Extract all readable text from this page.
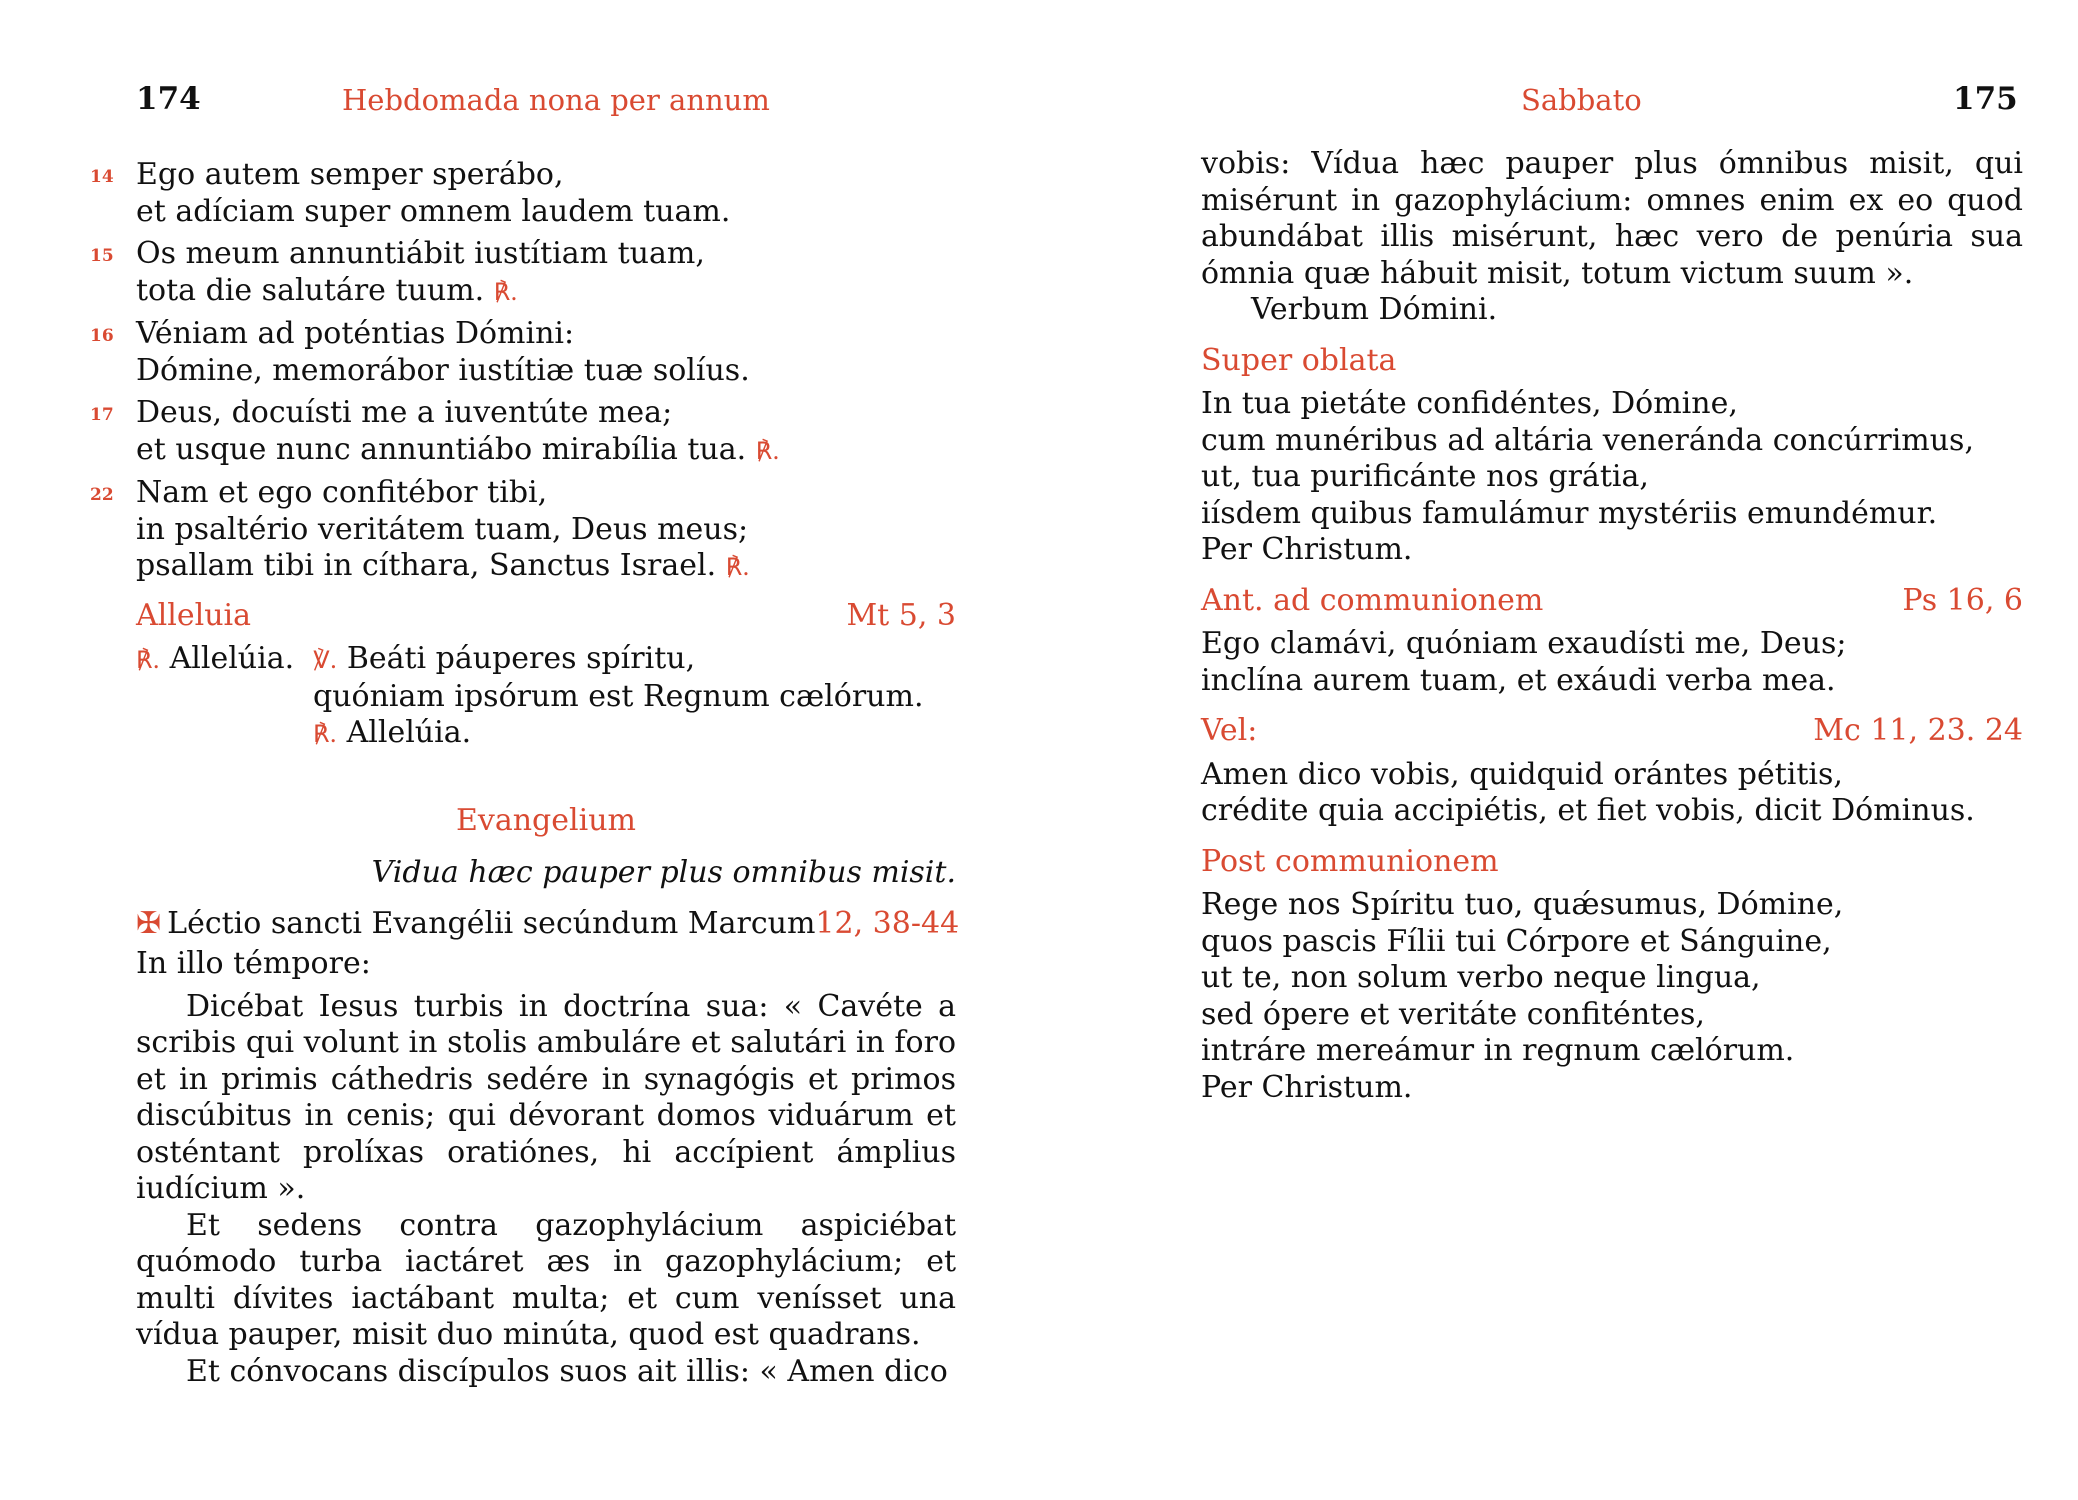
174	Hebdomada nona per annum
14 Ego autem semper sperábo,
et adíciam super omnem laudem tuam.
15 Os meum annuntiábit iustítiam tuam,
tota die salutáre tuum. ℟.
16 Véniam ad poténtias Dómini:
Dómine, memorábor iustítiæ tuæ solíus.
17 Deus, docuísti me a iuventúte mea;
et usque nunc annuntiábo mirabília tua. ℟.
22 Nam et ego confitébor tibi,
in psaltério veritátem tuam, Deus meus;
psallam tibi in cíthara, Sanctus Israel. ℟.
Alleluia	Mt 5, 3
℟. Allelúia. ℣. Beáti páuperes spíritu,
quóniam ipsórum est Regnum cælórum.
℟. Allelúia.
Evangelium
Vidua hæc pauper plus omnibus misit.
✠ Léctio sancti Evangélii secúndum Marcum 12, 38-44
In illo témpore:
Dicébat Iesus turbis in doctrína sua: « Cavéte a scribis qui volunt in stolis ambuláre et salutári in foro et in primis cáthedris sedére in synagógis et primos discúbitus in cenis; qui dévorant domos viduárum et osténtant prolíxas oratiónes, hi accípient ámplius iudícium ».
Et sedens contra gazophylácium aspiciébat quómodo turba iactáret æs in gazophylácium; et multi dívites iactábant multa; et cum venísset una vídua pauper, misit duo minúta, quod est quadrans.
Et cónvocans discípulos suos ait illis: « Amen dico
Sabbato	175
vobis: Vídua hæc pauper plus ómnibus misit, qui misérunt in gazophylácium: omnes enim ex eo quod abundábat illis misérunt, hæc vero de penúria sua ómnia quæ hábuit misit, totum victum suum ».
Verbum Dómini.
Super oblata
In tua pietáte confidéntes, Dómine,
cum munéribus ad altária veneránda concúrrimus,
ut, tua purificánte nos grátia,
iísdem quibus famulámur mystériis emundémur.
Per Christum.
Ant. ad communionem	Ps 16, 6
Ego clamávi, quóniam exaudísti me, Deus;
inclína aurem tuam, et exáudi verba mea.
Vel:	Mc 11, 23. 24
Amen dico vobis, quidquid orántes pétitis,
crédite quia accipiétis, et fiet vobis, dicit Dóminus.
Post communionem
Rege nos Spíritu tuo, quǽsumus, Dómine,
quos pascis Fílii tui Córpore et Sánguine,
ut te, non solum verbo neque lingua,
sed ópere et veritáte confiténtes,
intráre mereámur in regnum cælórum.
Per Christum.
